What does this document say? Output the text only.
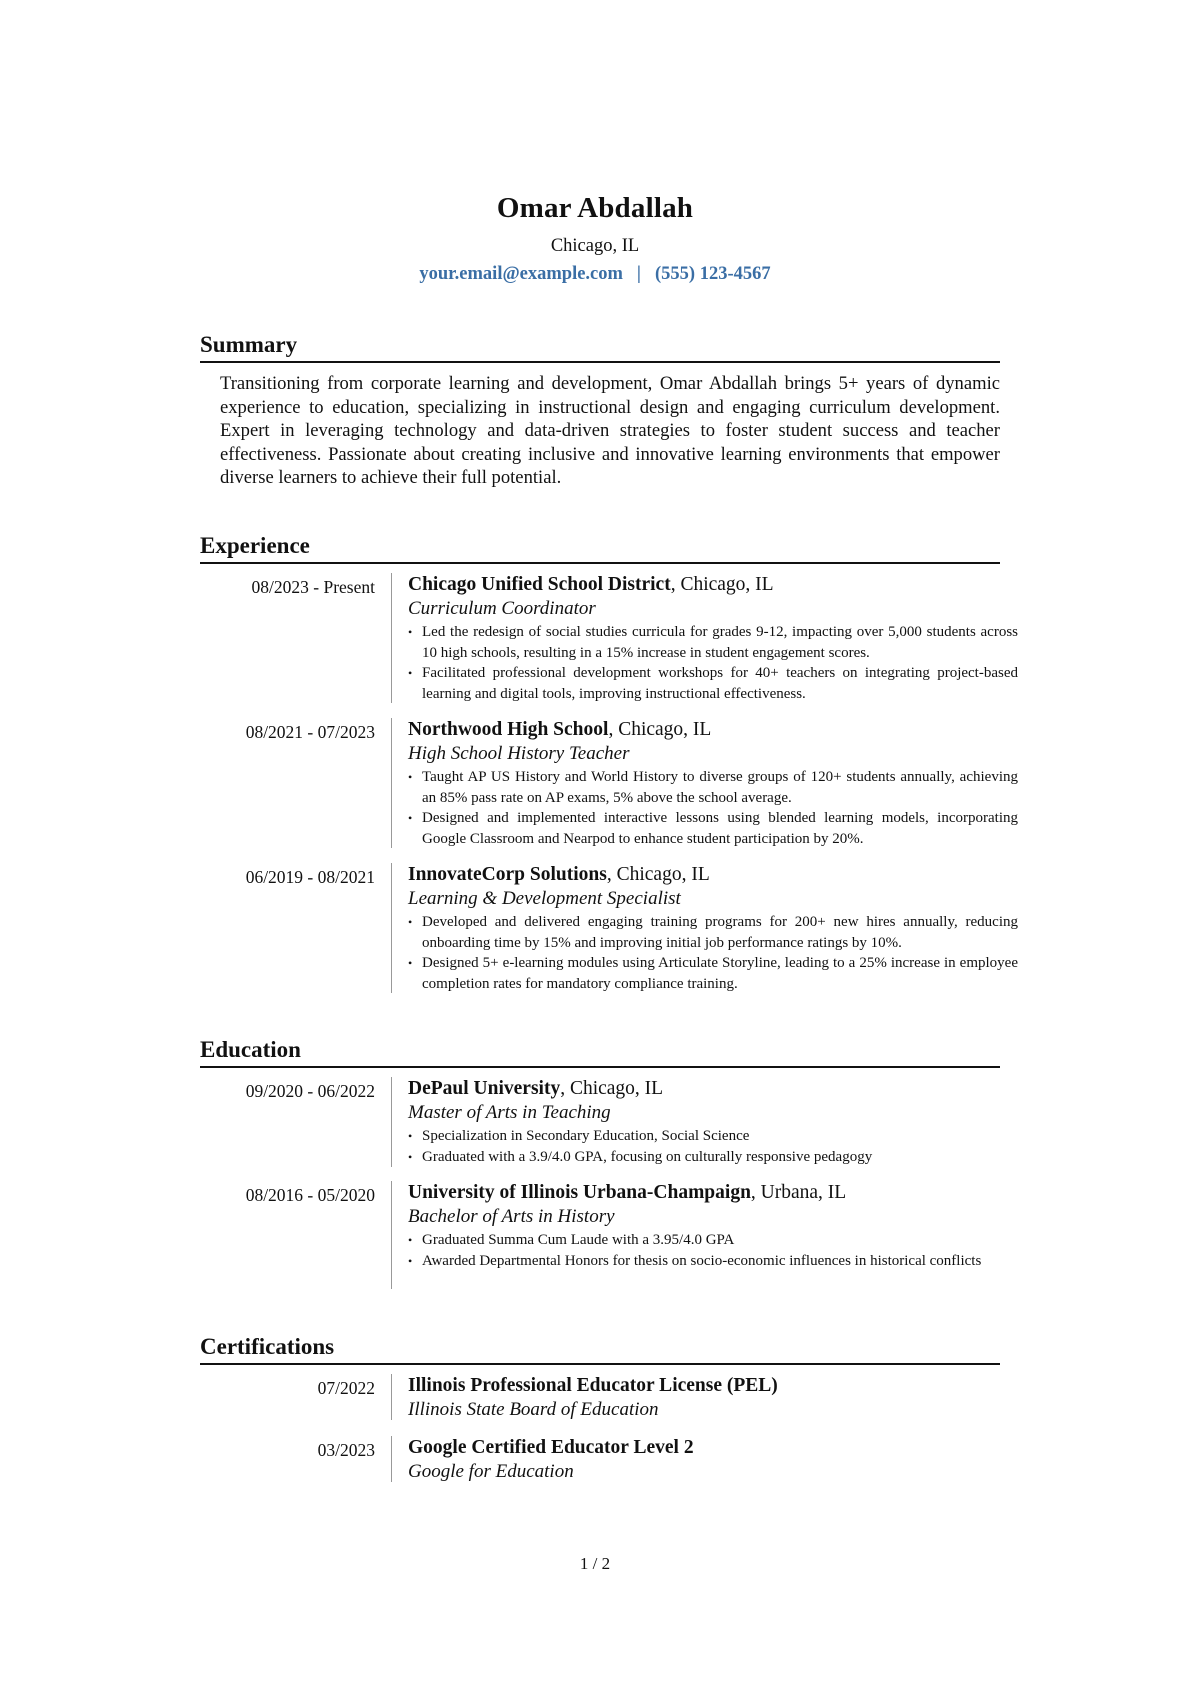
Omar Abdallah
Chicago, IL
your.email@example.com | (555) 123-4567
Summary
Transitioning from corporate learning and development, Omar Abdallah brings 5+ years of dynamic experience to education, specializing in instructional design and engaging curriculum development. Expert in leveraging technology and data-driven strategies to foster student success and teacher effectiveness. Passionate about creating inclusive and innovative learning environments that empower diverse learners to achieve their full potential.
Experience
08/2023 - Present Chicago Unified School District, Chicago, IL
Curriculum Coordinator
• Led the redesign of social studies curricula for grades 9-12, impacting over 5,000 students across 10 high schools, resulting in a 15% increase in student engagement scores.
• Facilitated professional development workshops for 40+ teachers on integrating project-based learning and digital tools, improving instructional effectiveness.
08/2021 - 07/2023 Northwood High School, Chicago, IL
High School History Teacher
• Taught AP US History and World History to diverse groups of 120+ students annually, achieving an 85% pass rate on AP exams, 5% above the school average.
• Designed and implemented interactive lessons using blended learning models, incorporating Google Classroom and Nearpod to enhance student participation by 20%.
06/2019 - 08/2021 InnovateCorp Solutions, Chicago, IL
Learning & Development Specialist
• Developed and delivered engaging training programs for 200+ new hires annually, reducing onboarding time by 15% and improving initial job performance ratings by 10%.
• Designed 5+ e-learning modules using Articulate Storyline, leading to a 25% increase in employee completion rates for mandatory compliance training.
Education
09/2020 - 06/2022 DePaul University, Chicago, IL
Master of Arts in Teaching
• Specialization in Secondary Education, Social Science
• Graduated with a 3.9/4.0 GPA, focusing on culturally responsive pedagogy
08/2016 - 05/2020 University of Illinois Urbana-Champaign, Urbana, IL
Bachelor of Arts in History
• Graduated Summa Cum Laude with a 3.95/4.0 GPA
• Awarded Departmental Honors for thesis on socio-economic influences in historical conflicts
Certifications
07/2022 Illinois Professional Educator License (PEL)
Illinois State Board of Education
03/2023 Google Certified Educator Level 2
Google for Education
1 / 2
